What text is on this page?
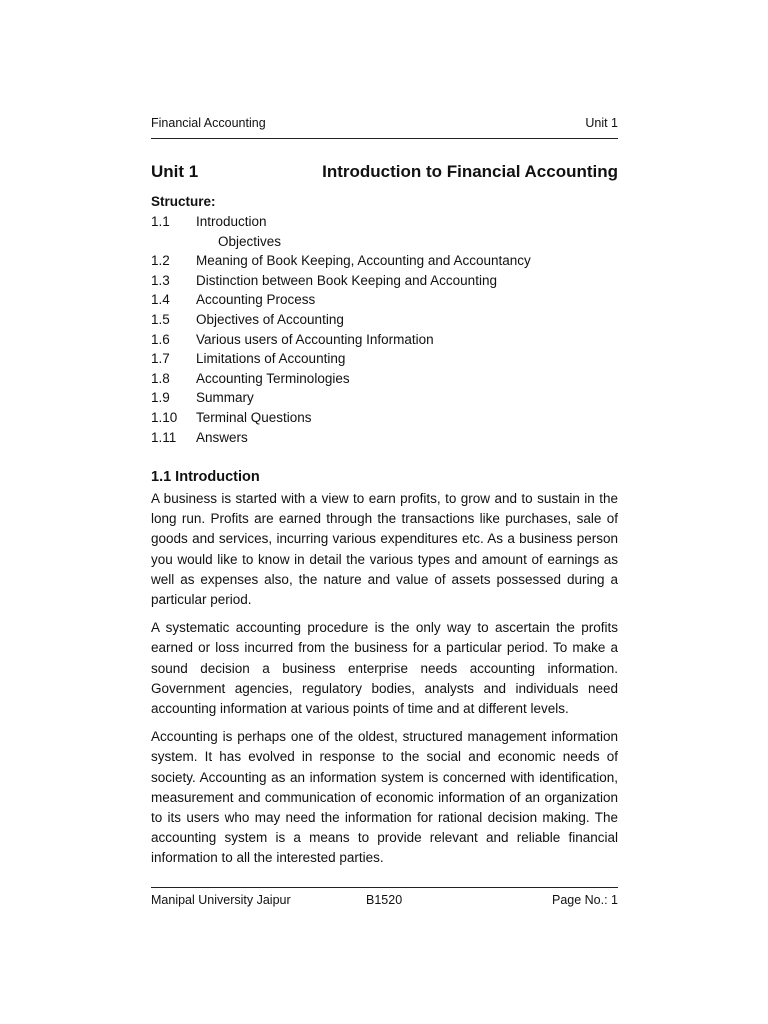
Financial Accounting	Unit 1
Unit 1	Introduction to Financial Accounting
Structure:
1.1 Introduction
Objectives
1.2 Meaning of Book Keeping, Accounting and Accountancy
1.3 Distinction between Book Keeping and Accounting
1.4 Accounting Process
1.5 Objectives of Accounting
1.6 Various users of Accounting Information
1.7 Limitations of Accounting
1.8 Accounting Terminologies
1.9 Summary
1.10 Terminal Questions
1.11 Answers
1.1 Introduction

A business is started with a view to earn profits, to grow and to sustain in the long run. Profits are earned through the transactions like purchases, sale of goods and services, incurring various expenditures etc. As a business person you would like to know in detail the various types and amount of earnings as well as expenses also, the nature and value of assets possessed during a particular period.

A systematic accounting procedure is the only way to ascertain the profits earned or loss incurred from the business for a particular period. To make a sound decision a business enterprise needs accounting information. Government agencies, regulatory bodies, analysts and individuals need accounting information at various points of time and at different levels.

Accounting is perhaps one of the oldest, structured management information system. It has evolved in response to the social and economic needs of society. Accounting as an information system is concerned with identification, measurement and communication of economic information of an organization to its users who may need the information for rational decision making. The accounting system is a means to provide relevant and reliable financial information to all the interested parties.

Manipal University Jaipur	B1520	Page No.: 1
